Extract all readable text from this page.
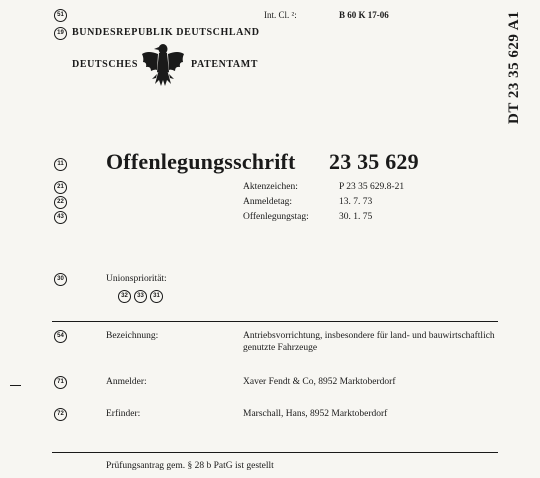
51	Int. Cl. ²:	B 60 K 17-06
19 BUNDESREPUBLIK DEUTSCHLAND
DEUTSCHES	PATENTAMT	DT 23 35 629 A1
11 Offenlegungsschrift 23 35 629
21	Aktenzeichen:	P 23 35 629.8-21
22	Anmeldetag:	13. 7. 73
43	Offenlegungstag:	30. 1. 75
30	Unionspriorität:
32	33	31
54	Bezeichnung:	Antriebsvorrichtung, insbesondere für land- und bauwirtschaftlich
genutzte Fahrzeuge
71	Anmelder:	Xaver Fendt & Co, 8952 Marktoberdorf
72	Erfinder:	Marschall, Hans, 8952 Marktoberdorf
Prüfungsantrag gem. § 28 b PatG ist gestellt
